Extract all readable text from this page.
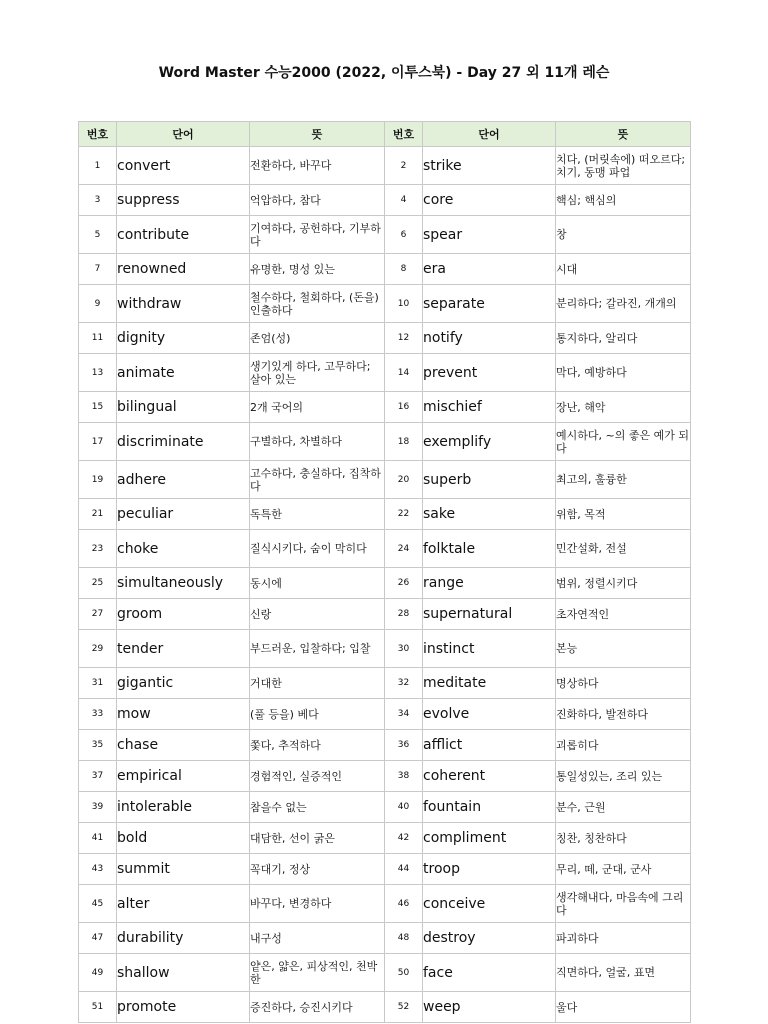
Word Master 수능2000 (2022, 이투스북) - Day 27 외 11개 레슨
번호	단어	뜻	번호	단어	뜻
1	convert	전환하다, 바꾸다	2	strike	치다, (머릿속에) 떠오르다; 치기, 동맹 파업
3	suppress	억압하다, 참다	4	core	핵심; 핵심의
5	contribute	기여하다, 공헌하다, 기부하다	6	spear	창
7	renowned	유명한, 명성 있는	8	era	시대
9	withdraw	철수하다, 철회하다, (돈을) 인출하다	10	separate	분리하다; 갈라진, 개개의
11	dignity	존엄(성)	12	notify	통지하다, 알리다
13	animate	생기있게 하다, 고무하다; 살아 있는	14	prevent	막다, 예방하다
15	bilingual	2개 국어의	16	mischief	장난, 해악
17	discriminate	구별하다, 차별하다	18	exemplify	예시하다, ~의 좋은 예가 되다
19	adhere	고수하다, 충실하다, 집착하다	20	superb	최고의, 훌륭한
21	peculiar	독특한	22	sake	위함, 목적
23	choke	질식시키다, 숨이 막히다	24	folktale	민간설화, 전설
25	simultaneously	동시에	26	range	범위, 정렬시키다
27	groom	신랑	28	supernatural	초자연적인
29	tender	부드러운, 입찰하다; 입찰	30	instinct	본능
31	gigantic	거대한	32	meditate	명상하다
33	mow	(풀 등을) 베다	34	evolve	진화하다, 발전하다
35	chase	쫓다, 추적하다	36	afflict	괴롭히다
37	empirical	경험적인, 실증적인	38	coherent	통일성있는, 조리 있는
39	intolerable	참을수 없는	40	fountain	분수, 근원
41	bold	대담한, 선이 굵은	42	compliment	칭찬, 칭찬하다
43	summit	꼭대기, 정상	44	troop	무리, 떼, 군대, 군사
45	alter	바꾸다, 변경하다	46	conceive	생각해내다, 마음속에 그리다
47	durability	내구성	48	destroy	파괴하다
49	shallow	얕은, 얇은, 피상적인, 천박한	50	face	직면하다, 얼굴, 표면
51	promote	증진하다, 승진시키다	52	weep	울다
